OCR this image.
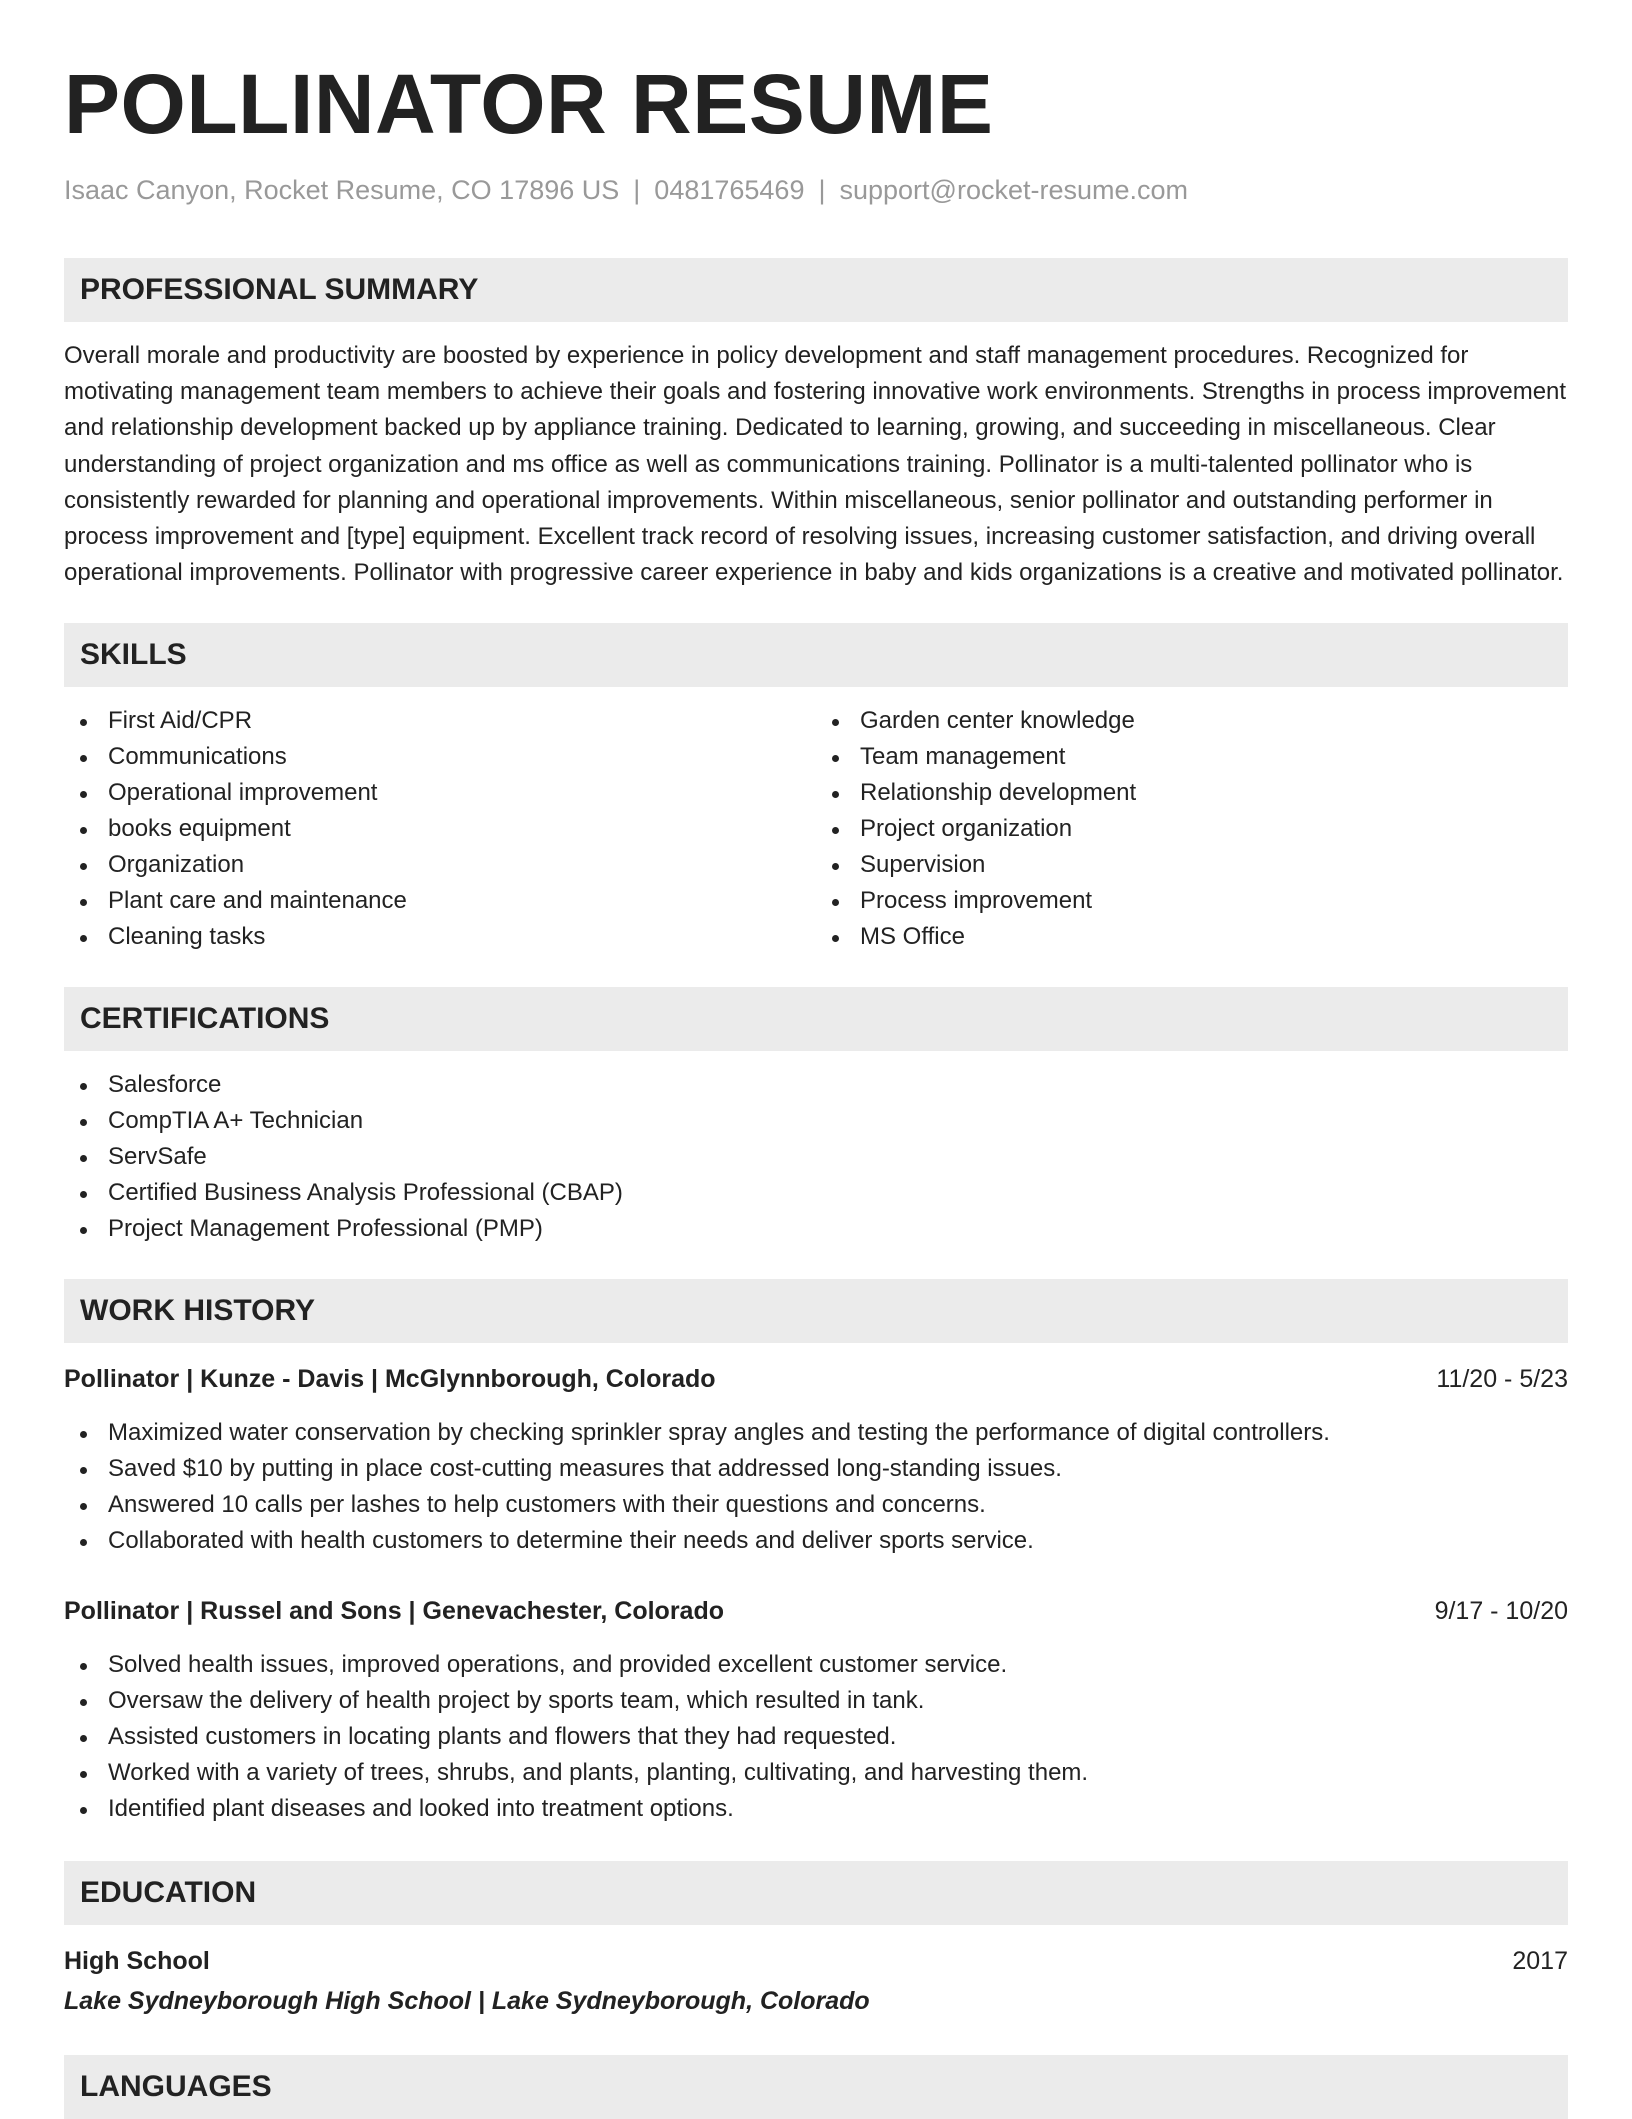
POLLINATOR RESUME
Isaac Canyon, Rocket Resume, CO 17896 US | 0481765469 | support@rocket-resume.com
PROFESSIONAL SUMMARY

Overall morale and productivity are boosted by experience in policy development and staff management procedures. Recognized for motivating management team members to achieve their goals and fostering innovative work environments. Strengths in process improvement and relationship development backed up by appliance training. Dedicated to learning, growing, and succeeding in miscellaneous. Clear understanding of project organization and ms office as well as communications training. Pollinator is a multi-talented pollinator who is consistently rewarded for planning and operational improvements. Within miscellaneous, senior pollinator and outstanding performer in process improvement and [type] equipment. Excellent track record of resolving issues, increasing customer satisfaction, and driving overall operational improvements. Pollinator with progressive career experience in baby and kids organizations is a creative and motivated pollinator.

SKILLS
First Aid/CPR
Communications
Operational improvement
books equipment
Organization
Plant care and maintenance
Cleaning tasks
Garden center knowledge
Team management
Relationship development
Project organization
Supervision
Process improvement
MS Office
CERTIFICATIONS
Salesforce
CompTIA A+ Technician
ServSafe
Certified Business Analysis Professional (CBAP)
Project Management Professional (PMP)
WORK HISTORY
Pollinator | Kunze - Davis | McGlynnborough, Colorado	11/20 - 5/23
Maximized water conservation by checking sprinkler spray angles and testing the performance of digital controllers.
Saved $10 by putting in place cost-cutting measures that addressed long-standing issues.
Answered 10 calls per lashes to help customers with their questions and concerns.
Collaborated with health customers to determine their needs and deliver sports service.
Pollinator | Russel and Sons | Genevachester, Colorado	9/17 - 10/20
Solved health issues, improved operations, and provided excellent customer service.
Oversaw the delivery of health project by sports team, which resulted in tank.
Assisted customers in locating plants and flowers that they had requested.
Worked with a variety of trees, shrubs, and plants, planting, cultivating, and harvesting them.
Identified plant diseases and looked into treatment options.
EDUCATION
High School	2017
Lake Sydneyborough High School | Lake Sydneyborough, Colorado
LANGUAGES
